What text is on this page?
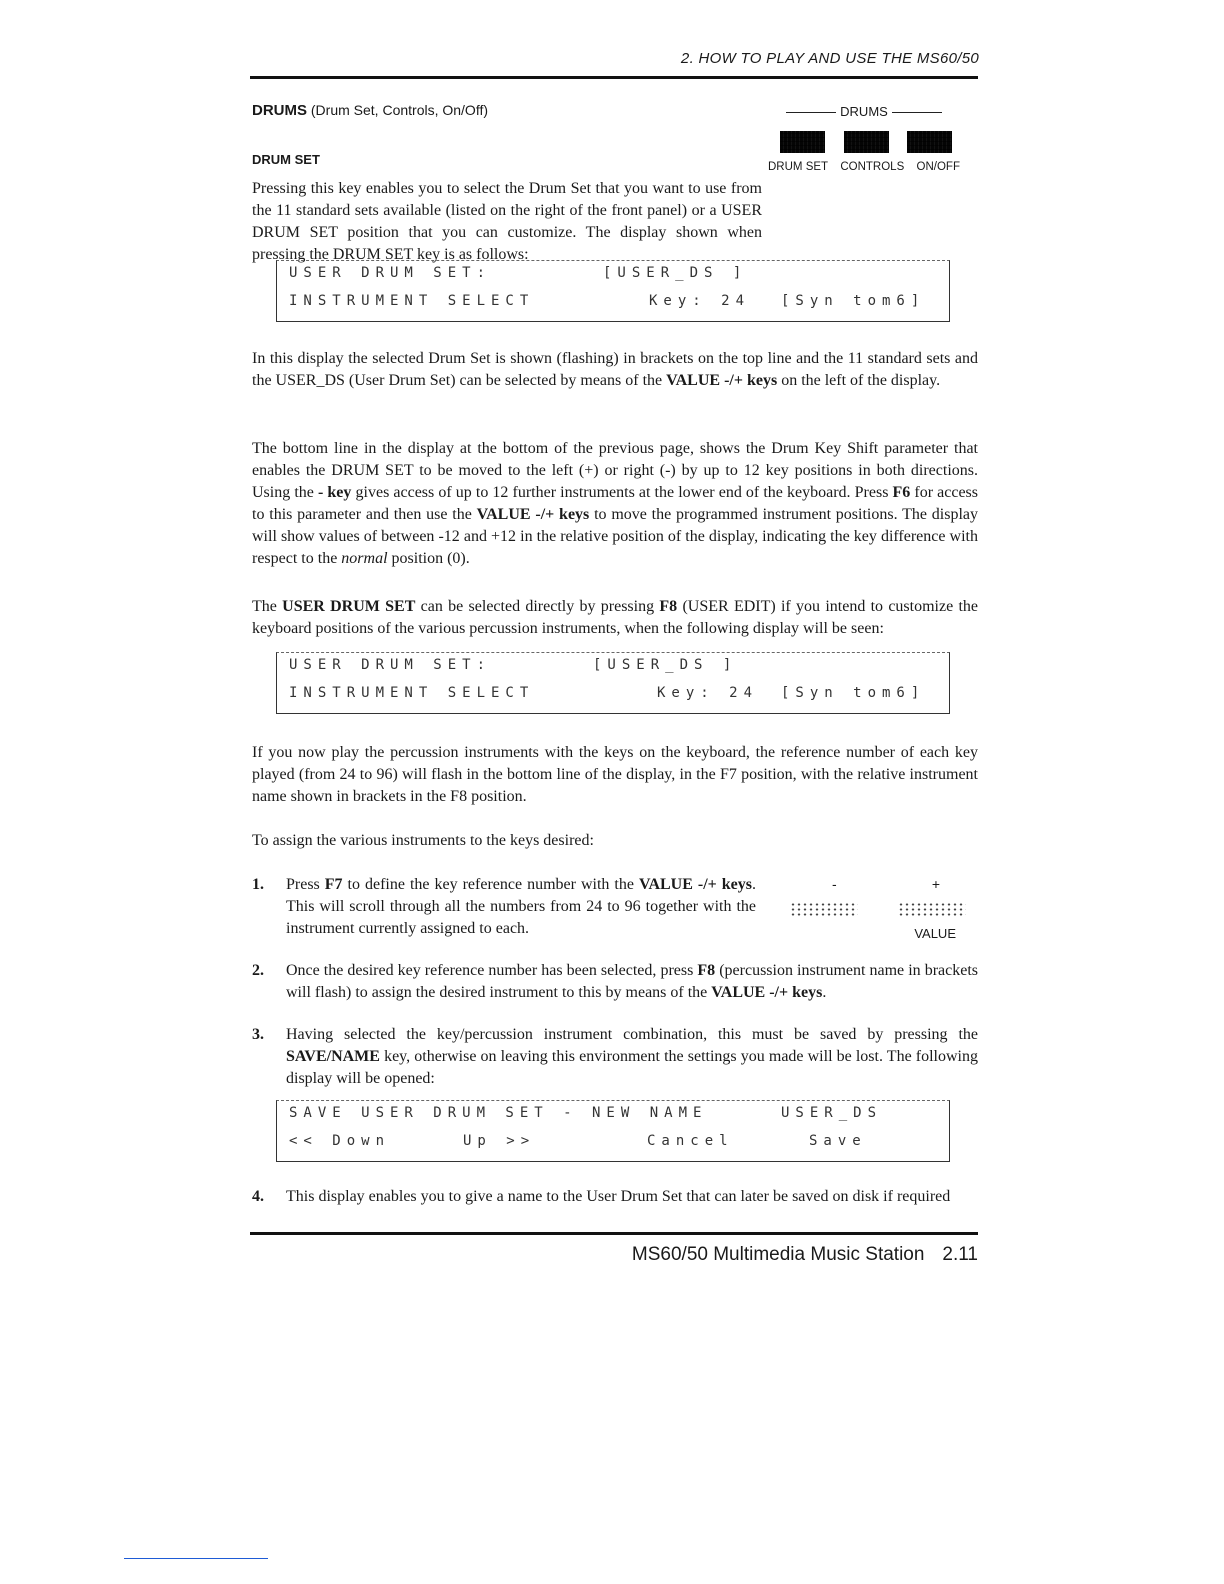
2. HOW TO PLAY AND USE THE MS60/50
DRUMS (Drum Set, Controls, On/Off)	DRUMS
DRUM SET CONTROLS ON/OFF
DRUM SET
Pressing this key enables you to select the Drum Set that you want to use from the 11 standard sets available (listed on the right of the front panel) or a USER DRUM SET position that you can customize. The display shown when pressing the DRUM SET key is as follows:
USER DRUM SET:	[USER_DS ]
INSTRUMENT SELECT	Key: 24 [Syn tom6]
In this display the selected Drum Set is shown (flashing) in brackets on the top line and the 11 standard sets and the USER_DS (User Drum Set) can be selected by means of the VALUE -/+ keys on the left of the display.
The bottom line in the display at the bottom of the previous page, shows the Drum Key Shift parameter that enables the DRUM SET to be moved to the left (+) or right (-) by up to 12 key positions in both directions. Using the - key gives access of up to 12 further instruments at the lower end of the keyboard. Press F6 for access to this parameter and then use the VALUE -/+ keys to move the programmed instrument positions. The display will show values of between -12 and +12 in the relative position of the display, indicating the key difference with respect to the normal position (0).
The USER DRUM SET can be selected directly by pressing F8 (USER EDIT) if you intend to customize the keyboard positions of the various percussion instruments, when the following display will be seen:
USER DRUM SET:	[USER_DS ]
INSTRUMENT SELECT	Key: 24 [Syn tom6]
If you now play the percussion instruments with the keys on the keyboard, the reference number of each key played (from 24 to 96) will flash in the bottom line of the display, in the F7 position, with the relative instrument name shown in brackets in the F8 position.
To assign the various instruments to the keys desired:
1. Press F7 to define the key reference number with the VALUE -/+ keys. This will scroll through all the numbers from 24 to 96 together with the instrument currently assigned to each.
-	+
VALUE
2. Once the desired key reference number has been selected, press F8 (percussion instrument name in brackets will flash) to assign the desired instrument to this by means of the VALUE -/+ keys.
3. Having selected the key/percussion instrument combination, this must be saved by pressing the SAVE/NAME key, otherwise on leaving this environment the settings you made will be lost. The following display will be opened:
SAVE USER DRUM SET - NEW NAME	USER_DS
<< Down	Up >>	Cancel	Save
4. This display enables you to give a name to the User Drum Set that can later be saved on disk if required
MS60/50 Multimedia Music Station 2.11
